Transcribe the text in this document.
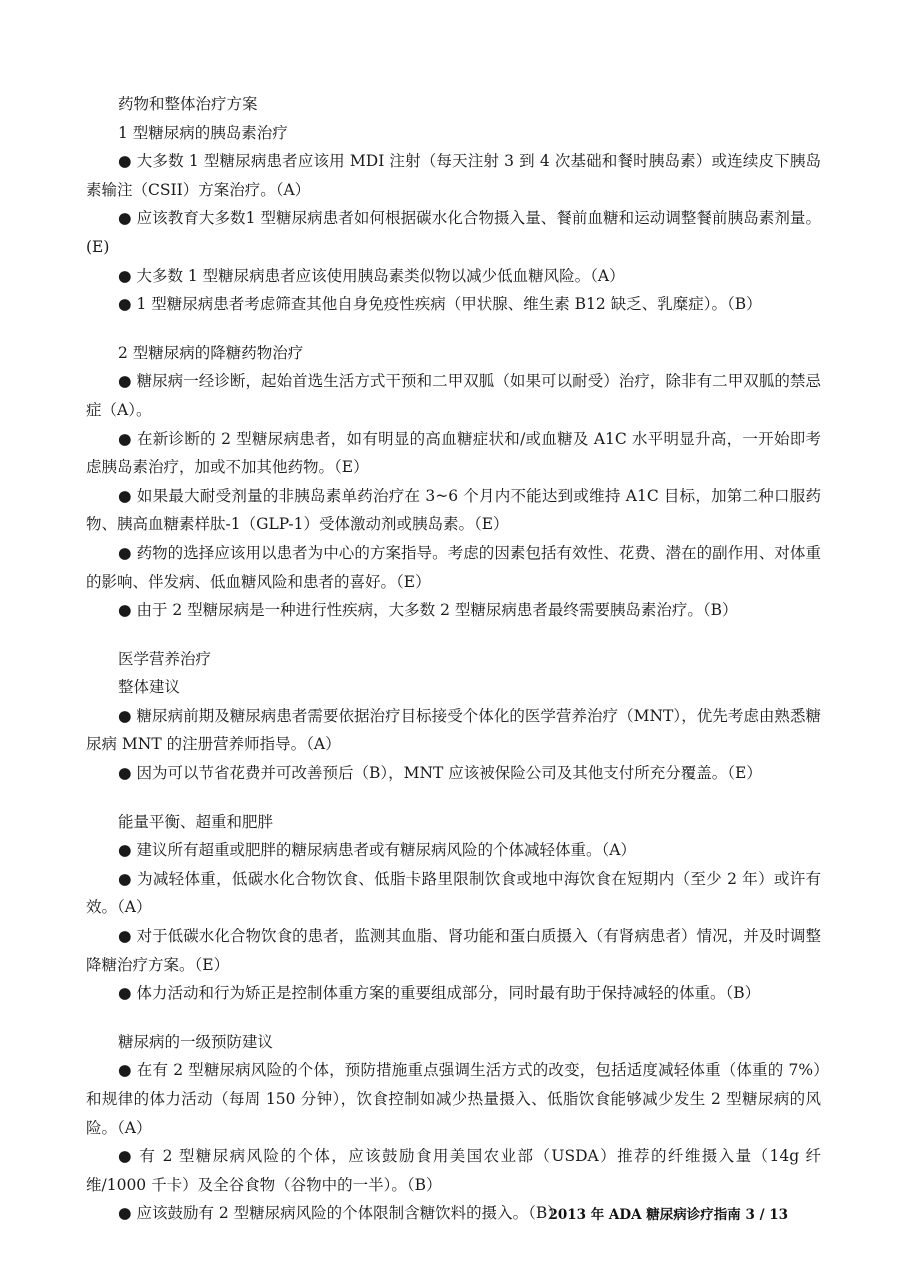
药物和整体治疗方案
1 型糖尿病的胰岛素治疗
● 大多数 1 型糖尿病患者应该用 MDI 注射（每天注射 3 到 4 次基础和餐时胰岛素）或连续皮下胰岛素输注（CSII）方案治疗。（A）
● 应该教育大多数1 型糖尿病患者如何根据碳水化合物摄入量、餐前血糖和运动调整餐前胰岛素剂量。(E)
● 大多数 1 型糖尿病患者应该使用胰岛素类似物以减少低血糖风险。（A）
● 1 型糖尿病患者考虑筛查其他自身免疫性疾病（甲状腺、维生素 B12 缺乏、乳糜症）。（B）
2 型糖尿病的降糖药物治疗
● 糖尿病一经诊断，起始首选生活方式干预和二甲双胍（如果可以耐受）治疗，除非有二甲双胍的禁忌症（A）。
● 在新诊断的 2 型糖尿病患者，如有明显的高血糖症状和/或血糖及 A1C 水平明显升高，一开始即考虑胰岛素治疗，加或不加其他药物。（E）
● 如果最大耐受剂量的非胰岛素单药治疗在 3~6 个月内不能达到或维持 A1C 目标，加第二种口服药物、胰高血糖素样肽-1（GLP-1）受体激动剂或胰岛素。（E）
● 药物的选择应该用以患者为中心的方案指导。考虑的因素包括有效性、花费、潜在的副作用、对体重的影响、伴发病、低血糖风险和患者的喜好。（E）
● 由于 2 型糖尿病是一种进行性疾病，大多数 2 型糖尿病患者最终需要胰岛素治疗。（B）
医学营养治疗
整体建议
● 糖尿病前期及糖尿病患者需要依据治疗目标接受个体化的医学营养治疗（MNT），优先考虑由熟悉糖尿病 MNT 的注册营养师指导。（A）
● 因为可以节省花费并可改善预后（B），MNT 应该被保险公司及其他支付所充分覆盖。（E）
能量平衡、超重和肥胖
● 建议所有超重或肥胖的糖尿病患者或有糖尿病风险的个体减轻体重。（A）
● 为减轻体重，低碳水化合物饮食、低脂卡路里限制饮食或地中海饮食在短期内（至少 2 年）或许有效。（A）
● 对于低碳水化合物饮食的患者，监测其血脂、肾功能和蛋白质摄入（有肾病患者）情况，并及时调整降糖治疗方案。（E）
● 体力活动和行为矫正是控制体重方案的重要组成部分，同时最有助于保持减轻的体重。（B）
糖尿病的一级预防建议
● 在有 2 型糖尿病风险的个体，预防措施重点强调生活方式的改变，包括适度减轻体重（体重的 7%）和规律的体力活动（每周 150 分钟），饮食控制如减少热量摄入、低脂饮食能够减少发生 2 型糖尿病的风险。（A）
● 有 2 型糖尿病风险的个体，应该鼓励食用美国农业部（USDA）推荐的纤维摄入量（14g 纤维/1000 千卡）及全谷食物（谷物中的一半）。（B）
● 应该鼓励有 2 型糖尿病风险的个体限制含糖饮料的摄入。（B）
2013 年 ADA 糖尿病诊疗指南 3 / 13
